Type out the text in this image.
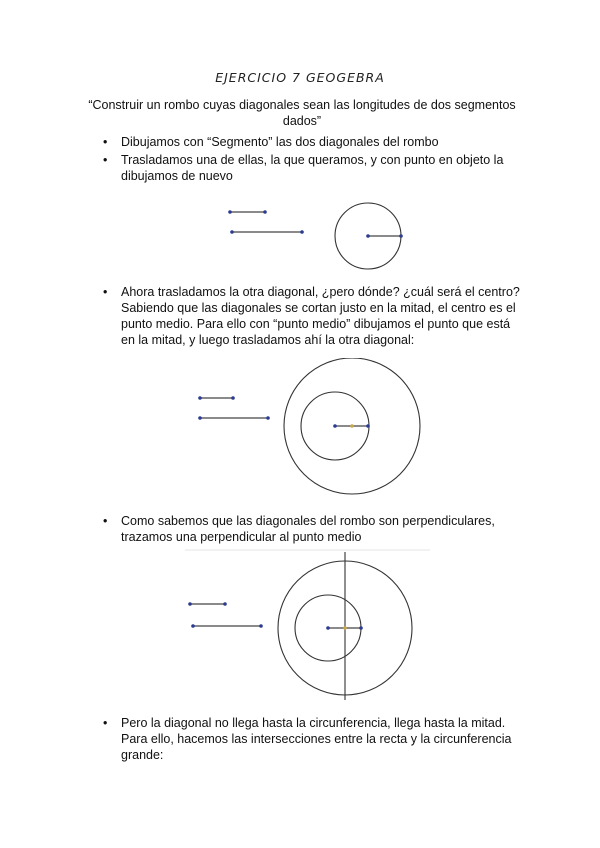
EJERCICIO 7 GEOGEBRA
“Construir un rombo cuyas diagonales sean las longitudes de dos segmentos dados”
• Dibujamos con “Segmento” las dos diagonales del rombo
• Trasladamos una de ellas, la que queramos, y con punto en objeto la dibujamos de nuevo
• Ahora trasladamos la otra diagonal, ¿pero dónde? ¿cuál será el centro? Sabiendo que las diagonales se cortan justo en la mitad, el centro es el punto medio. Para ello con “punto medio” dibujamos el punto que está en la mitad, y luego trasladamos ahí la otra diagonal:
• Como sabemos que las diagonales del rombo son perpendiculares, trazamos una perpendicular al punto medio
• Pero la diagonal no llega hasta la circunferencia, llega hasta la mitad. Para ello, hacemos las intersecciones entre la recta y la circunferencia grande:
